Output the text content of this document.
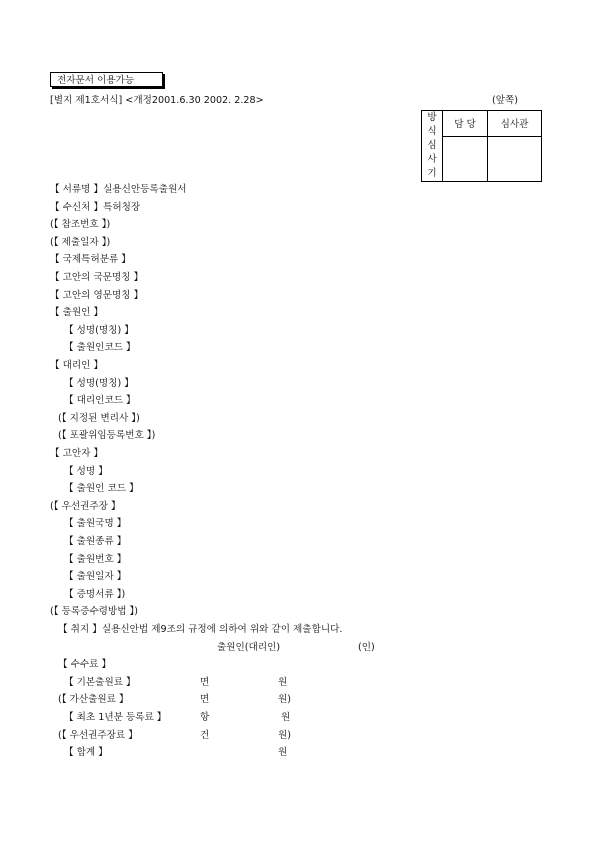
전자문서 이용가능
[별지 제1호서식] <개정2001.6.30 2002. 2.28>	(앞쪽)
방
식
심
사
기	담 당	심사관

【 서류명 】실용신안등록출원서
【 수신처 】특허청장
(【 참조번호 】)
(【 제출일자 】)
【 국제특허분류 】
【 고안의 국문명칭 】
【 고안의 영문명칭 】
【 출원인 】
【 성명(명칭) 】
【 출원인코드 】
【 대리인 】
【 성명(명칭) 】
【 대리인코드 】
(【 지정된 변리사 】)
(【 포괄위임등록번호 】)
【 고안자 】
【 성명 】
【 출원인 코드 】
(【 우선권주장 】
【 출원국명 】
【 출원종류 】
【 출원번호 】
【 출원일자 】
【 증명서류 】)
(【 등록증수령방법 】)
【 취지 】실용신안법 제9조의 규정에 의하여 위와 같이 제출합니다.
출원인(대리인)	(인)
【 수수료 】
【 기본출원료 】	면	원
(【 가산출원료 】	면	원)
【 최초 1년분 등록료 】	항	원
(【 우선권주장료 】	건	원)
【 합계 】	원
